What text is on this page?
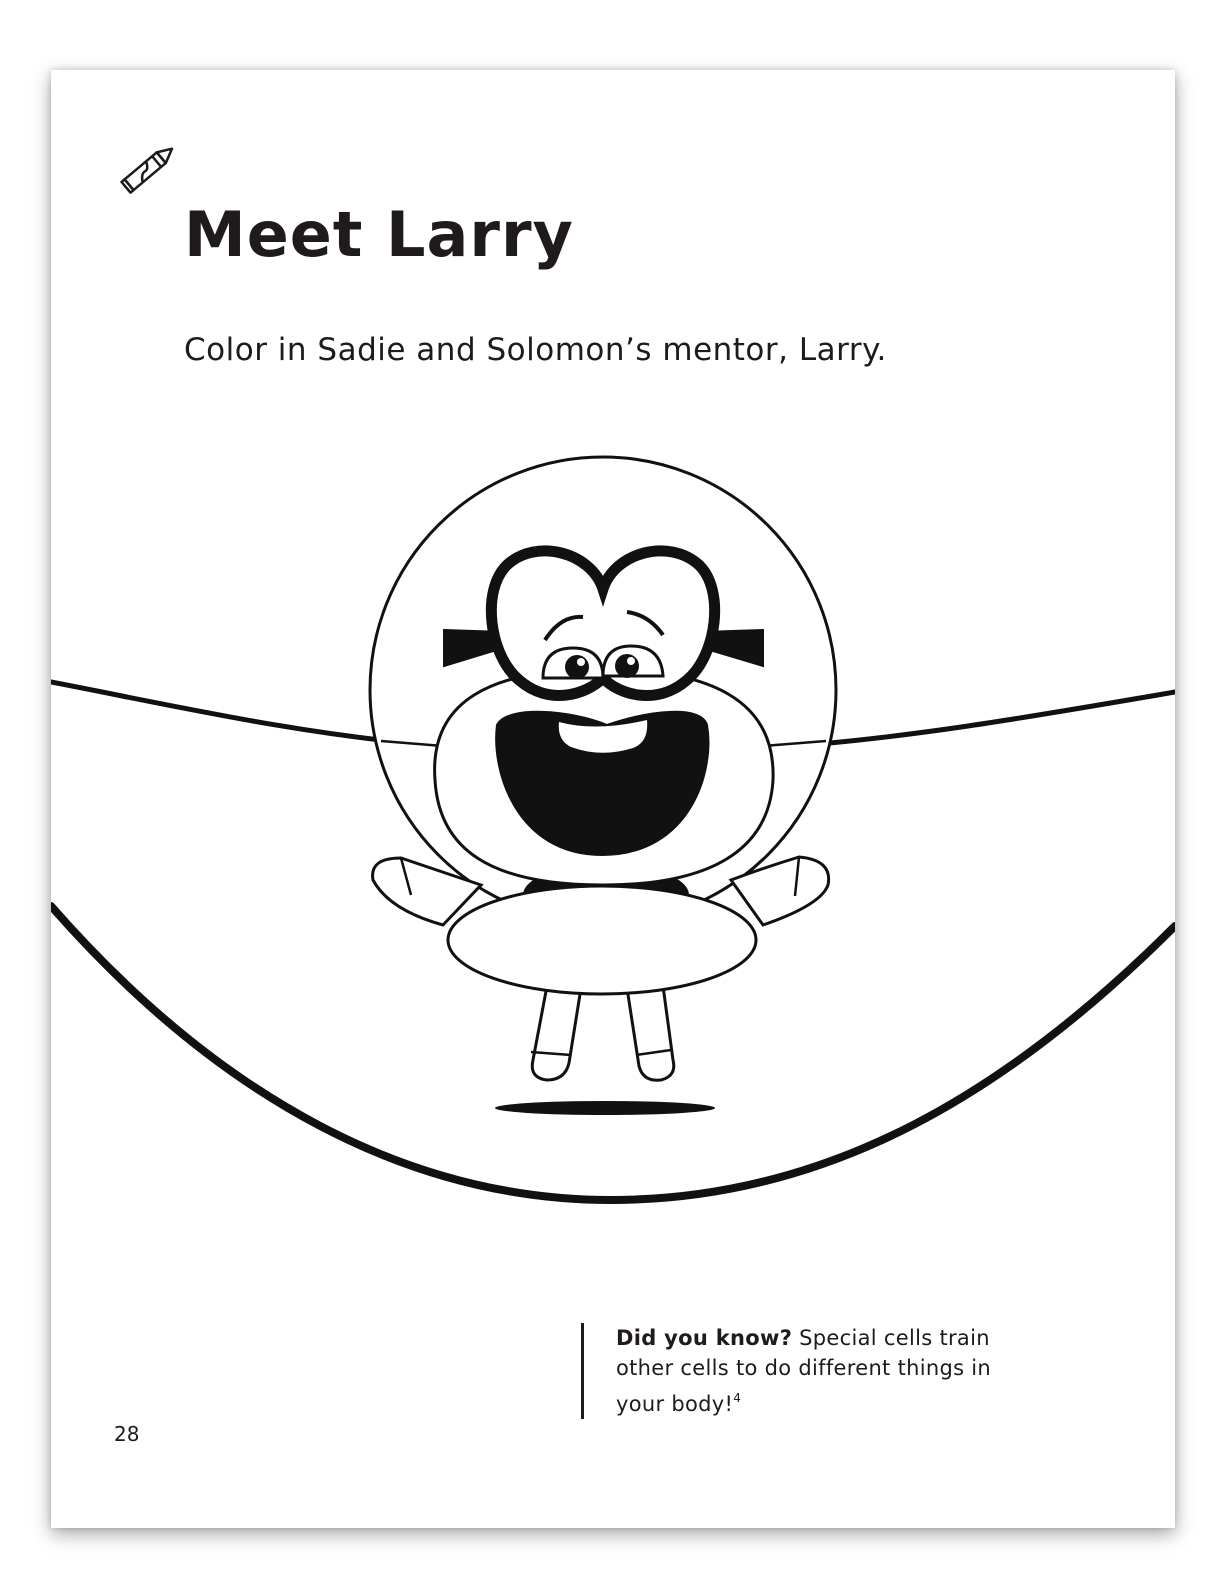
Meet Larry

Color in Sadie and Solomon’s mentor, Larry.

Did you know? Special cells train other cells to do different things in your body!$^4$
28
